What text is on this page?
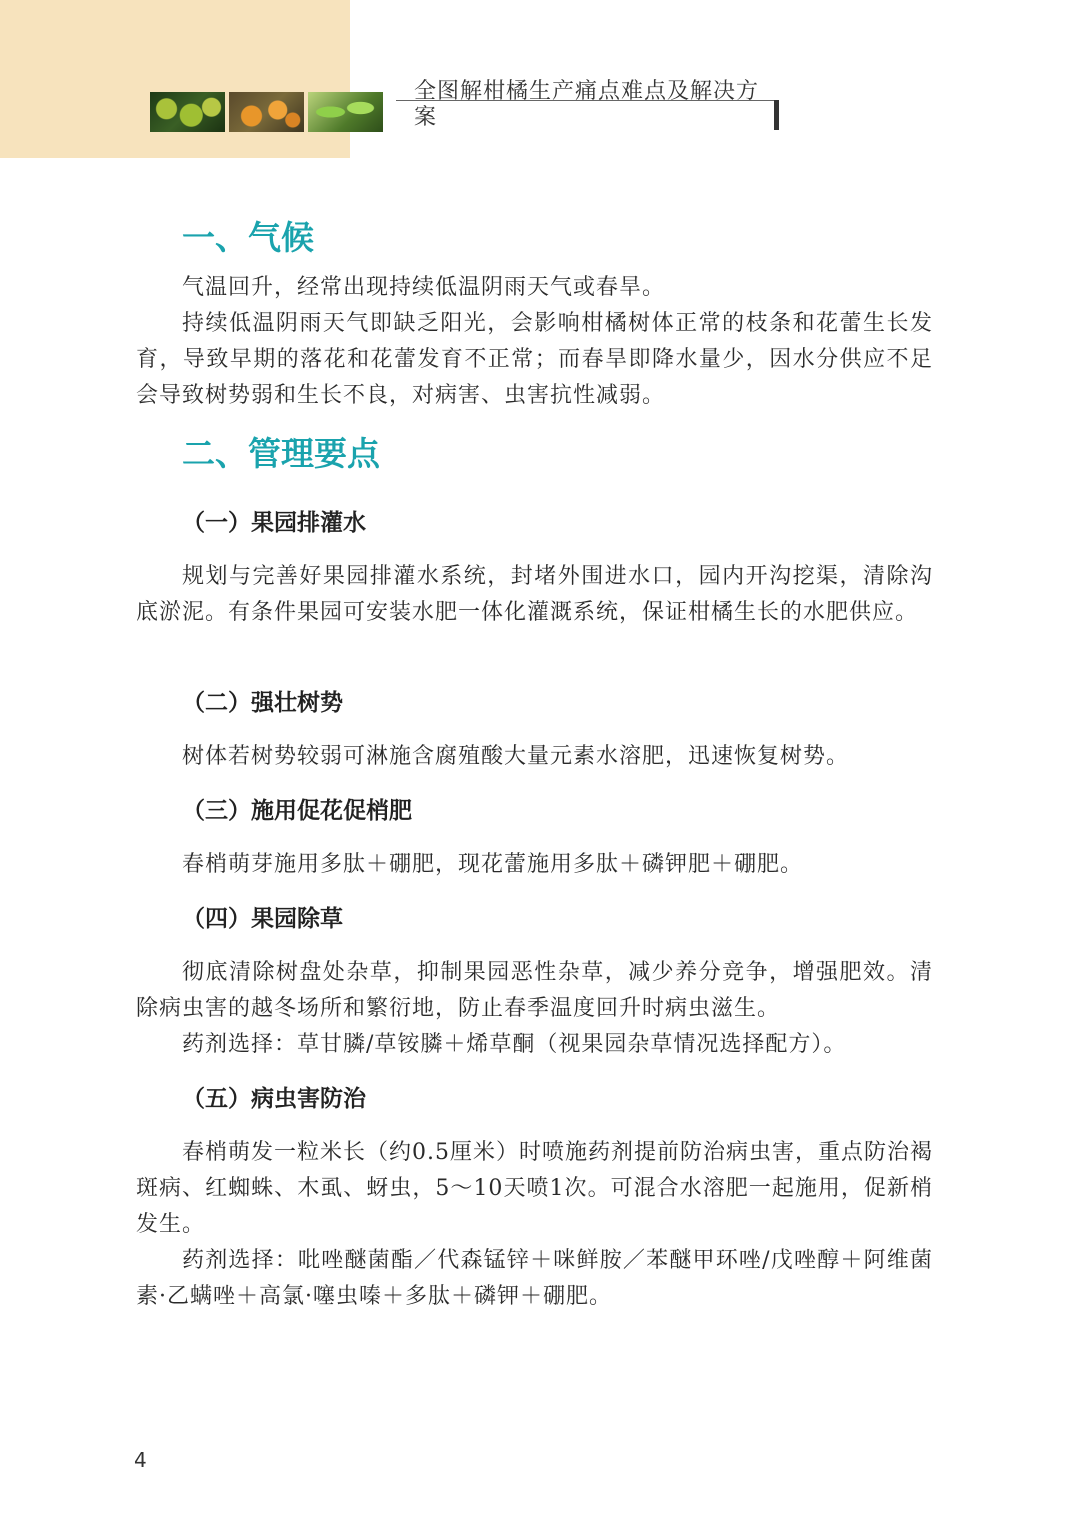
全图解柑橘生产痛点难点及解决方案
一、气候

气温回升，经常出现持续低温阴雨天气或春旱。

持续低温阴雨天气即缺乏阳光，会影响柑橘树体正常的枝条和花蕾生长发育，导致早期的落花和花蕾发育不正常；而春旱即降水量少，因水分供应不足会导致树势弱和生长不良，对病害、虫害抗性减弱。

二、管理要点
（一）果园排灌水

规划与完善好果园排灌水系统，封堵外围进水口，园内开沟挖渠，清除沟底淤泥。有条件果园可安装水肥一体化灌溉系统，保证柑橘生长的水肥供应。

（二）强壮树势

树体若树势较弱可淋施含腐殖酸大量元素水溶肥，迅速恢复树势。

（三）施用促花促梢肥

春梢萌芽施用多肽＋硼肥，现花蕾施用多肽＋磷钾肥＋硼肥。

（四）果园除草

彻底清除树盘处杂草，抑制果园恶性杂草，减少养分竞争，增强肥效。清除病虫害的越冬场所和繁衍地，防止春季温度回升时病虫滋生。

药剂选择：草甘膦/草铵膦＋烯草酮（视果园杂草情况选择配方）。

（五）病虫害防治

春梢萌发一粒米长（约0.5厘米）时喷施药剂提前防治病虫害，重点防治褐斑病、红蜘蛛、木虱、蚜虫，5～10天喷1次。可混合水溶肥一起施用，促新梢发生。

药剂选择：吡唑醚菌酯／代森锰锌＋咪鲜胺／苯醚甲环唑/戊唑醇＋阿维菌素·乙螨唑＋高氯·噻虫嗪＋多肽＋磷钾＋硼肥。

4
